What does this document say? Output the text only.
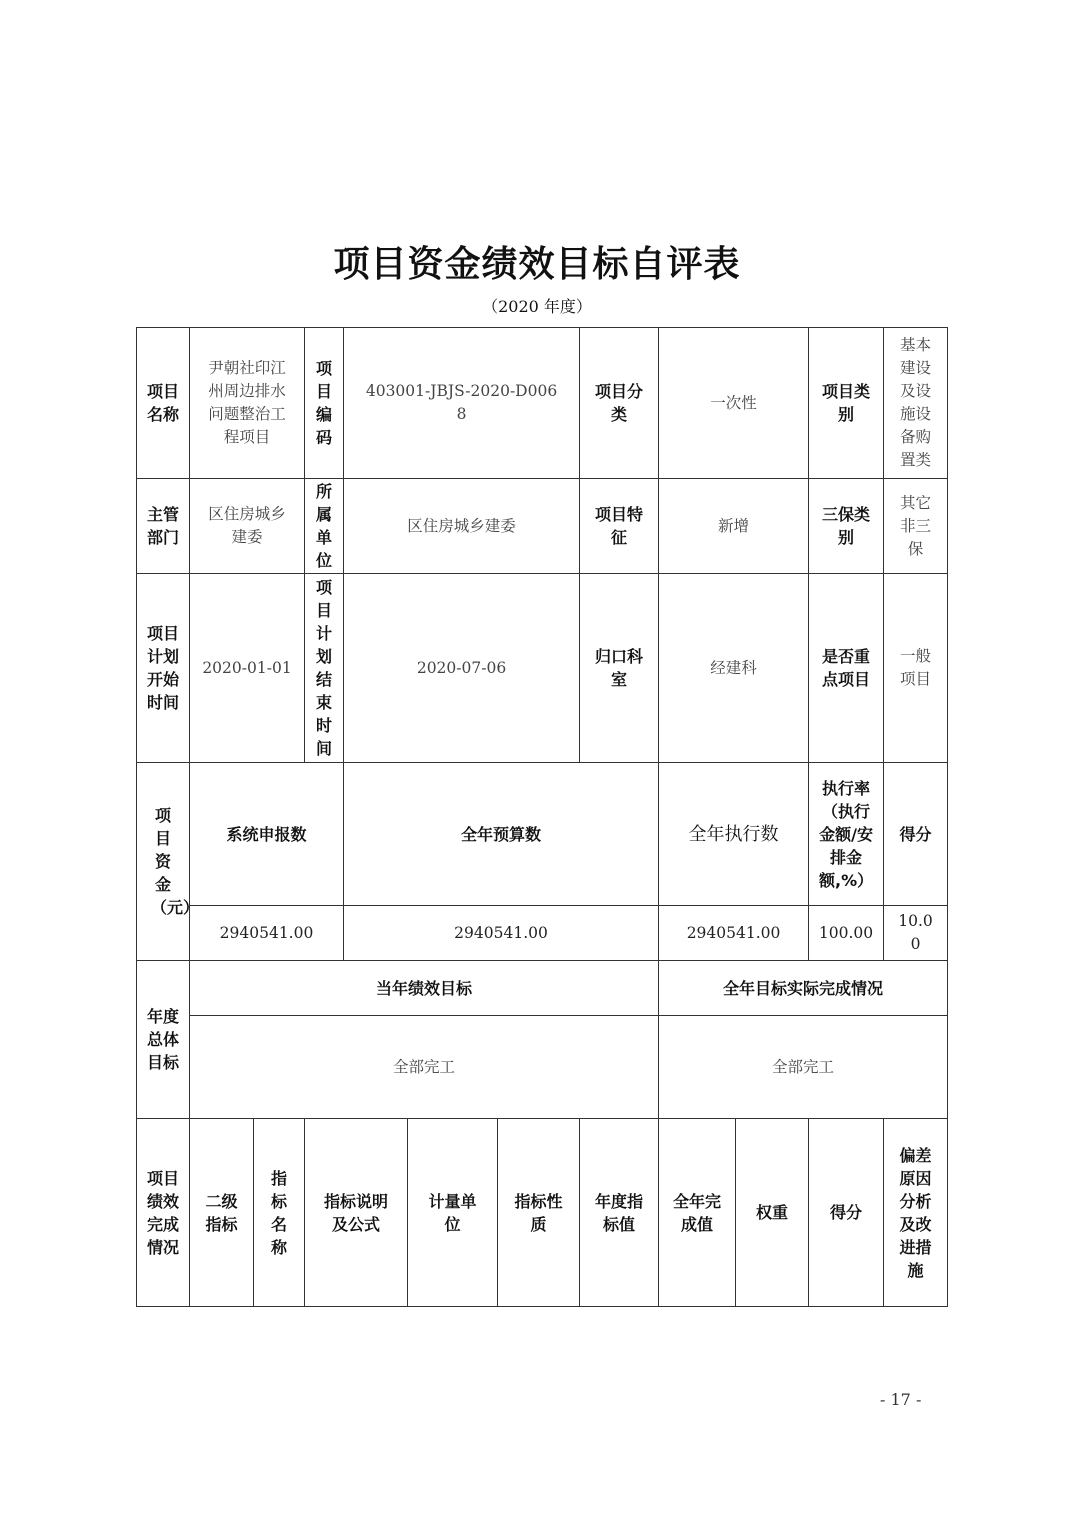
项目资金绩效目标自评表
（2020 年度）
项目名称	尹朝社印江州周边排水问题整治工程项目		项目编码	403001-JBJS-2020-D0068			项目分类	一次性		项目类别	基本建设及设施设备购置类
主管部门	区住房城乡建委		所属单位	区住房城乡建委			项目特征	新增		三保类别	其它非三保
项目计划开始时间	2020-01-01		项目计划结束时间	2020-07-06			归口科室	经建科		是否重点项目	一般项目
项目资金（元）	系统申报数			全年预算数				全年执行数		执行率（执行金额/安排金额,%）	得分
	2940541.00			2940541.00				2940541.00		100.00	10.00
年度总体目标	当年绩效目标							全年目标实际完成情况			
	全部完工							全部完工			
项目绩效完成情况	二级指标	指标名称	指标说明及公式		计量单位	指标性质	年度指标值	全年完成值	权重	得分	偏差原因分析及改进措施
- 17 -
